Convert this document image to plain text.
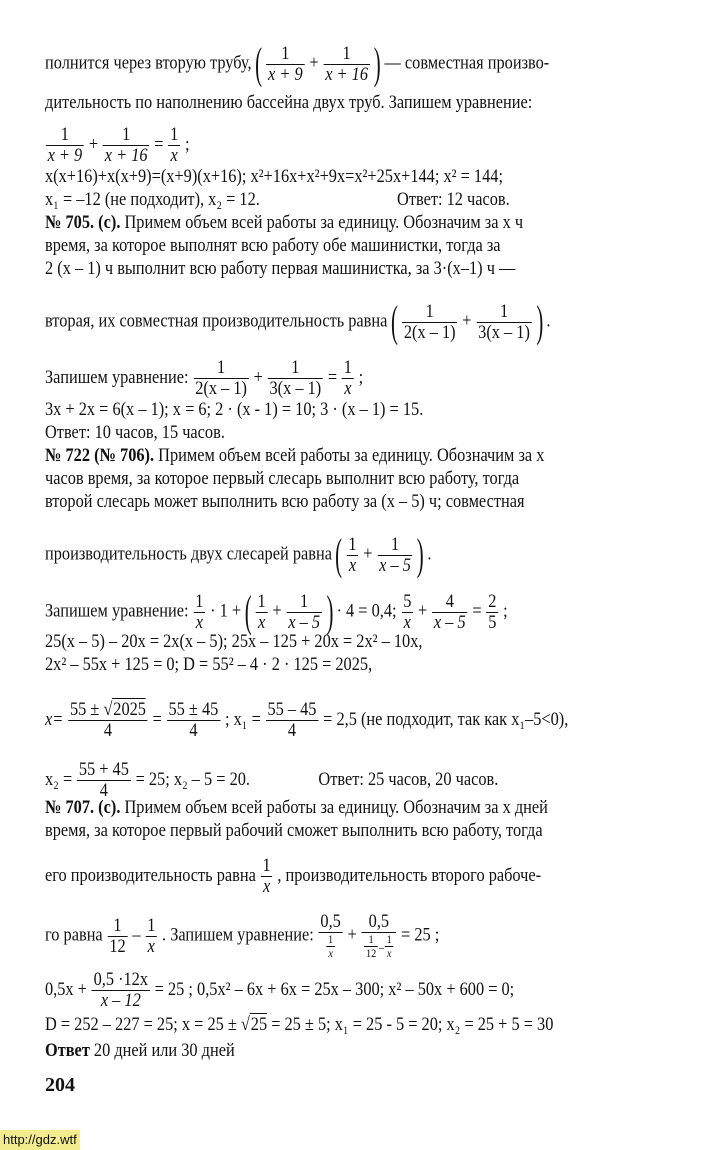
полнится через вторую трубу, ( $\frac{1}{x + 9} + \frac{1}{x + 16}$ ) — совместная произво-
дительность по наполнению бассейна двух труб. Запишем уравнение:
$\frac{1}{x + 9} + \frac{1}{x + 16} = \frac{1}{x}$ ;
x(x+16)+x(x+9)=(x+9)(x+16); x²+16x+x²+9x=x²+25x+144; x² = 144;
x₁ = –12 (не подходит), x₂ = 12.	Ответ: 12 часов.
№ 705. (с). Примем объем всей работы за единицу. Обозначим за x ч
время, за которое выполнят всю работу обе машинистки, тогда за
2 (x – 1) ч выполнит всю работу первая машинистка, за 3·(x–1) ч —
вторая, их совместная производительность равна ( $\frac{1}{2(x - 1)} + \frac{1}{3(x - 1)}$ ) .
Запишем уравнение: $\frac{1}{2(x - 1)} + \frac{1}{3(x - 1)} = \frac{1}{x}$ ;
3x + 2x = 6(x – 1); x = 6; 2 · (x - 1) = 10; 3 · (x – 1) = 15.
Ответ: 10 часов, 15 часов.
№ 722 (№ 706). Примем объем всей работы за единицу. Обозначим за x
часов время, за которое первый слесарь выполнит всю работу, тогда
второй слесарь может выполнить всю работу за (x – 5) ч; совместная
производительность двух слесарей равна ( $\frac{1}{x} + \frac{1}{x - 5}$ ) .
Запишем уравнение: $\frac{1}{x} \cdot 1$ + ( $\frac{1}{x} + \frac{1}{x - 5}$ ) · 4 = 0,4; $\frac{5}{x} + \frac{4}{x - 5} = \frac{2}{5}$ ;
25(x – 5) – 20x = 2x(x – 5); 25x – 125 + 20x = 2x² – 10x,
2x² – 55x + 125 = 0; D = 55² – 4 · 2 · 125 = 2025,
$x= \frac{55 \pm √2025}{4} = \frac{55 \pm 45}{4}$ ; $x_1 = \frac{55 - 45}{4} = 2,5$ (не подходит, так как x₁–5<0),
$x_2 = \frac{55 + 45}{4} = 25$; x₂ – 5 = 20.	Ответ: 25 часов, 20 часов.
№ 707. (с). Примем объем всей работы за единицу. Обозначим за x дней
время, за которое первый рабочий сможет выполнить всю работу, тогда
его производительность равна $\frac{1}{x}$ , производительность второго рабоче-
го равна $\frac{1}{12} - \frac{1}{x}$ . Запишем уравнение: $\frac{0,5}{\frac{1}{x}} + \frac{0,5}{\frac{1}{12} - \frac{1}{x}} = 25$ ;
$0,5x + \frac{0,5 \cdot 12x}{x - 12} = 25$ ; 0,5x² – 6x + 6x = 25x – 300; x² – 50x + 600 = 0;
D = 252 – 227 = 25; x = 25 ± √25 = 25 ± 5; x₁ = 25 - 5 = 20; x₂ = 25 + 5 = 30
Ответ 20 дней или 30 дней
204
http://gdz.wtf
